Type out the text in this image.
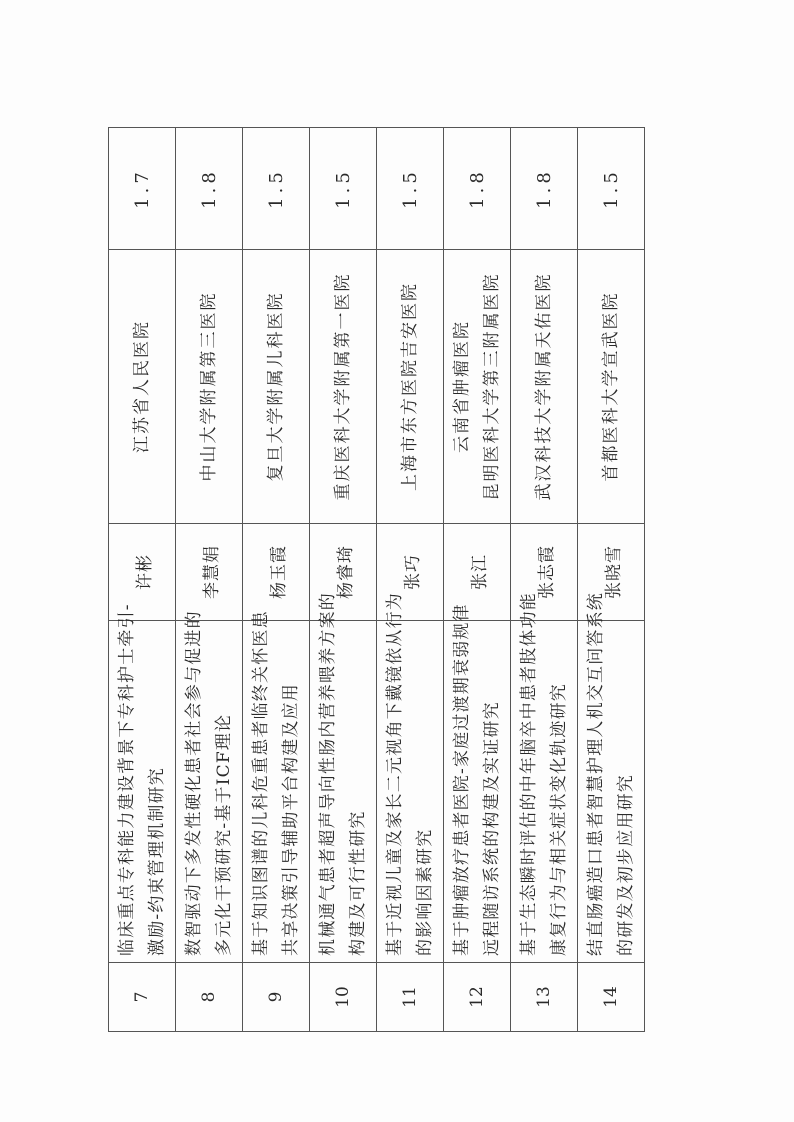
7	临床重点专科能力建设背景下专科护士牵引- 激励-约束管理机制研究	许彬	江苏省人民医院	1.7
8	数智驱动下多发性硬化患者社会参与促进的 多元化干预研究-基于ICF理论	李慧娟	中山大学附属第三医院	1.8
9	基于知识图谱的儿科危重患者临终关怀医患 共享决策引导辅助平台构建及应用	杨玉霞	复旦大学附属儿科医院	1.5
10	机械通气患者超声导向性肠内营养喂养方案的 构建及可行性研究	杨睿琦	重庆医科大学附属第一医院	1.5
11	基于近视儿童及家长二元视角下戴镜依从行为 的影响因素研究	张巧	上海市东方医院吉安医院	1.5
12	基于肿瘤放疗患者医院-家庭过渡期衰弱规律 远程随访系统的构建及实证研究	张江	云南省肿瘤医院 昆明医科大学第三附属医院	1.8
13	基于生态瞬时评估的中年脑卒中患者肢体功能 康复行为与相关症状变化轨迹研究	张志霞	武汉科技大学附属天佑医院	1.8
14	结直肠癌造口患者智慧护理人机交互问答系统 的研发及初步应用研究	张晓雪	首都医科大学宣武医院	1.5
